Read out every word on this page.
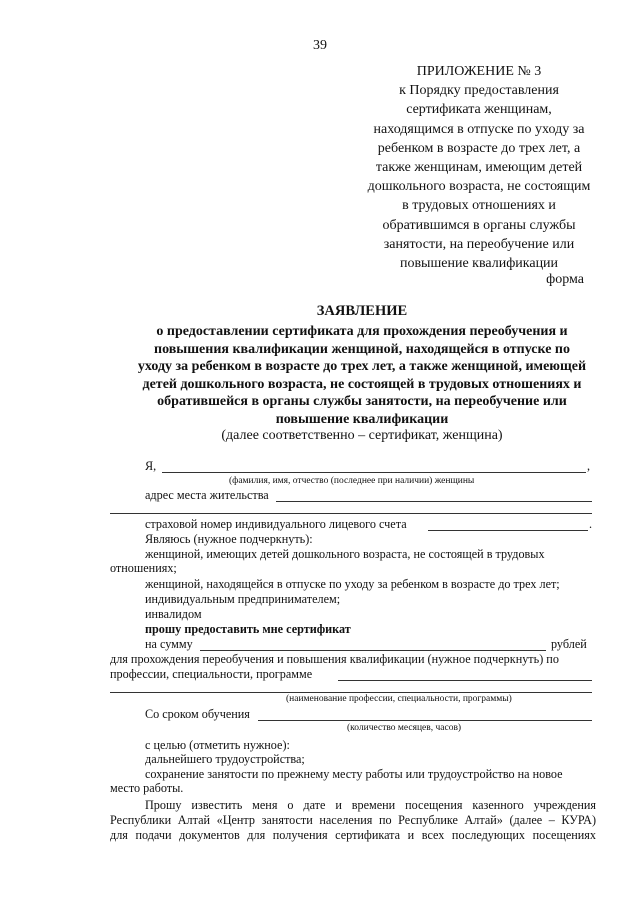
39
ПРИЛОЖЕНИЕ № 3
к Порядку предоставления
сертификата женщинам,
находящимся в отпуске по уходу за
ребенком в возрасте до трех лет, а
также женщинам, имеющим детей
дошкольного возраста, не состоящим
в трудовых отношениях и
обратившимся в органы службы
занятости, на переобучение или
повышение квалификации
форма
ЗАЯВЛЕНИЕ
о предоставлении сертификата для прохождения переобучения и
повышения квалификации женщиной, находящейся в отпуске по
уходу за ребенком в возрасте до трех лет, а также женщиной, имеющей
детей дошкольного возраста, не состоящей в трудовых отношениях и
обратившейся в органы службы занятости, на переобучение или
повышение квалификации
(далее соответственно – сертификат, женщина)
Я,	,
(фамилия, имя, отчество (последнее при наличии) женщины
адрес места жительства
страховой номер индивидуального лицевого счета	.
Являюсь (нужное подчеркнуть):
женщиной, имеющих детей дошкольного возраста, не состоящей в трудовых
отношениях;
женщиной, находящейся в отпуске по уходу за ребенком в возрасте до трех лет;
индивидуальным предпринимателем;
инвалидом
прошу предоставить мне сертификат
на сумму	рублей
для прохождения переобучения и повышения квалификации (нужное подчеркнуть) по
профессии, специальности, программе
(наименование профессии, специальности, программы)
Со сроком обучения
(количество месяцев, часов)
с целью (отметить нужное):
дальнейшего трудоустройства;
сохранение занятости по прежнему месту работы или трудоустройство на новое
место работы.
Прошу известить меня о дате и времени посещения казенного учреждения
Республики Алтай «Центр занятости населения по Республике Алтай» (далее – КУРА)
для подачи документов для получения сертификата и всех последующих посещениях
